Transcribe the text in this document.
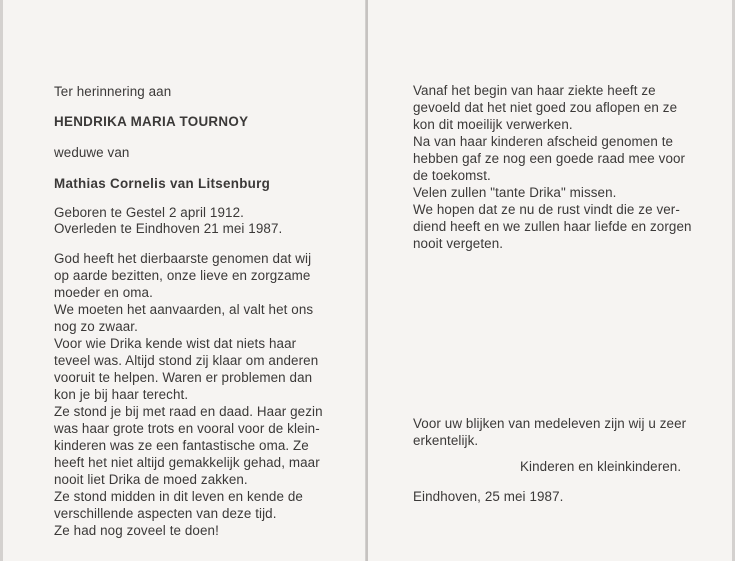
Ter herinnering aan

HENDRIKA MARIA TOURNOY

weduwe van

Mathias Cornelis van Litsenburg

Geboren te Gestel 2 april 1912.

Overleden te Eindhoven 21 mei 1987.

God heeft het dierbaarste genomen dat wij
op aarde bezitten, onze lieve en zorgzame
moeder en oma.
We moeten het aanvaarden, al valt het ons
nog zo zwaar.
Voor wie Drika kende wist dat niets haar
teveel was. Altijd stond zij klaar om anderen
vooruit te helpen. Waren er problemen dan
kon je bij haar terecht.
Ze stond je bij met raad en daad. Haar gezin
was haar grote trots en vooral voor de klein-
kinderen was ze een fantastische oma. Ze
heeft het niet altijd gemakkelijk gehad, maar
nooit liet Drika de moed zakken.
Ze stond midden in dit leven en kende de
verschillende aspecten van deze tijd.
Ze had nog zoveel te doen!

Vanaf het begin van haar ziekte heeft ze
gevoeld dat het niet goed zou aflopen en ze
kon dit moeilijk verwerken.
Na van haar kinderen afscheid genomen te
hebben gaf ze nog een goede raad mee voor
de toekomst.
Velen zullen "tante Drika" missen.
We hopen dat ze nu de rust vindt die ze ver-
diend heeft en we zullen haar liefde en zorgen
nooit vergeten.

Voor uw blijken van medeleven zijn wij u zeer
erkentelijk.

Kinderen en kleinkinderen.

Eindhoven, 25 mei 1987.
